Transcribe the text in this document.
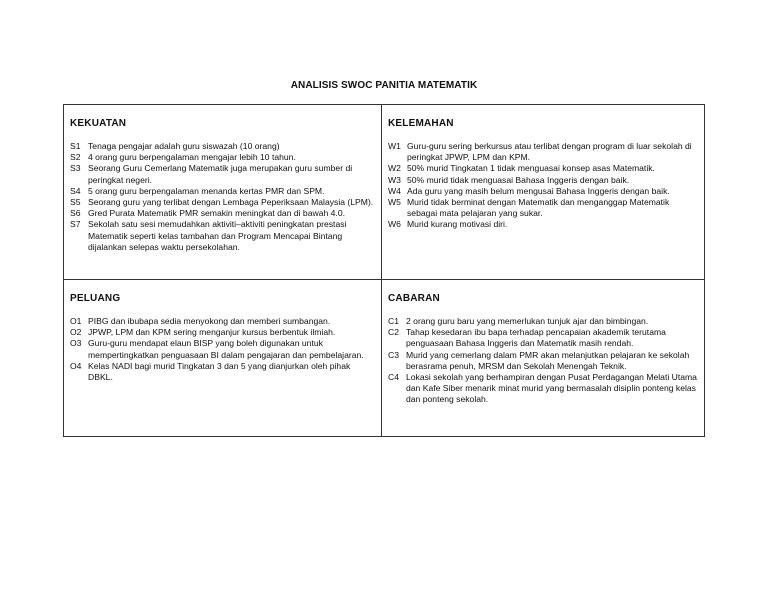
ANALISIS SWOC PANITIA MATEMATIK
KEKUATAN
S1 Tenaga pengajar adalah guru siswazah (10 orang)
S2 4 orang guru berpengalaman mengajar lebih 10 tahun.
S3 Seorang Guru Cemerlang Matematik juga merupakan guru sumber di peringkat negeri.
S4 5 orang guru berpengalaman menanda kertas PMR dan SPM.
S5 Seorang guru yang terlibat dengan Lembaga Peperiksaan Malaysia (LPM).
S6 Gred Purata Matematik PMR semakin meningkat dan di bawah 4.0.
S7 Sekolah satu sesi memudahkan aktiviti–aktiviti peningkatan prestasi Matematik seperti kelas tambahan dan Program Mencapai Bintang dijalankan selepas waktu persekolahan.
KELEMAHAN
W1 Guru-guru sering berkursus atau terlibat dengan program di luar sekolah di peringkat JPWP, LPM dan KPM.
W2 50% murid Tingkatan 1 tidak menguasai konsep asas Matematik.
W3 50% murid tidak menguasai Bahasa Inggeris dengan baik.
W4 Ada guru yang masih belum mengusai Bahasa Inggeris dengan baik.
W5 Murid tidak berminat dengan Matematik dan menganggap Matematik sebagai mata pelajaran yang sukar.
W6 Murid kurang motivasi diri.
PELUANG
O1 PIBG dan ibubapa sedia menyokong dan memberi sumbangan.
O2 JPWP, LPM dan KPM sering menganjur kursus berbentuk ilmiah.
O3 Guru-guru mendapat elaun BISP yang boleh digunakan untuk mempertingkatkan penguasaan BI dalam pengajaran dan pembelajaran.
O4 Kelas NADI bagi murid Tingkatan 3 dan 5 yang dianjurkan oleh pihak DBKL.
CABARAN
C1 2 orang guru baru yang memerlukan tunjuk ajar dan bimbingan.
C2 Tahap kesedaran ibu bapa terhadap pencapaian akademik terutama penguasaan Bahasa Inggeris dan Matematik masih rendah.
C3 Murid yang cemerlang dalam PMR akan melanjutkan pelajaran ke sekolah berasrama penuh, MRSM dan Sekolah Menengah Teknik.
C4 Lokasi sekolah yang berhampiran dengan Pusat Perdagangan Melati Utama dan Kafe Siber menarik minat murid yang bermasalah disiplin ponteng kelas dan ponteng sekolah.
